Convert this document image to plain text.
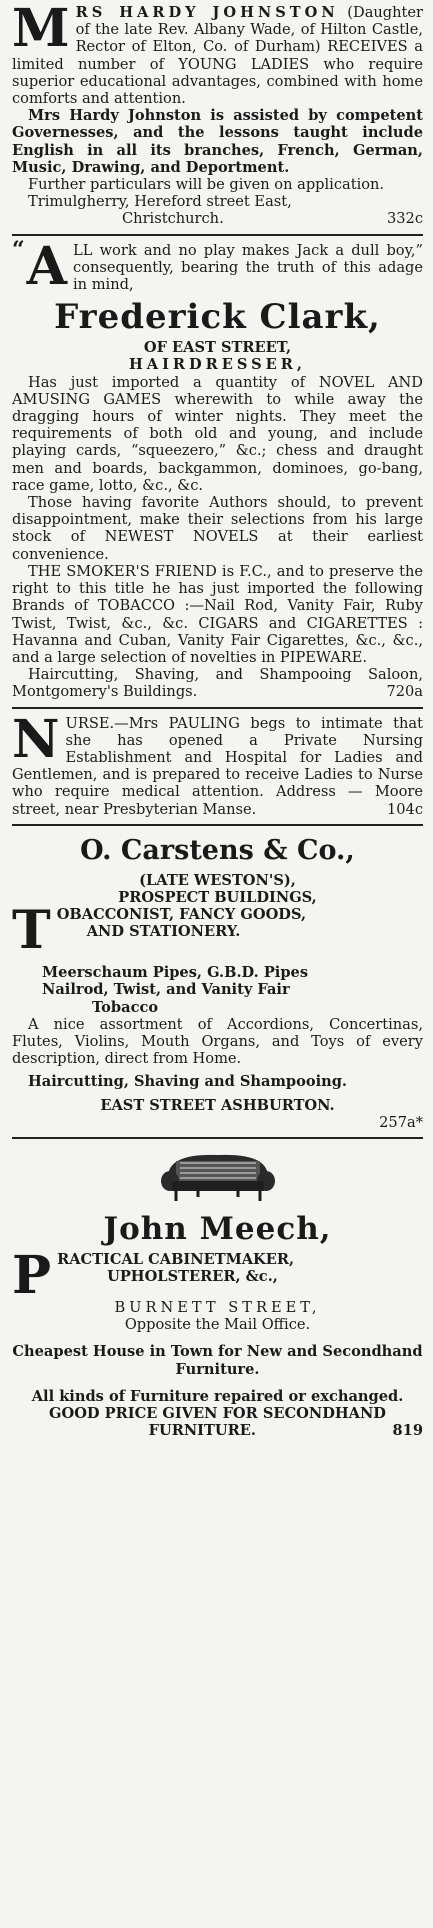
M RS HARDY JOHNSTON (Daughter of the late Rev. Albany Wade, of Hilton Castle, Rector of Elton, Co. of Durham) RECEIVES a limited number of YOUNG LADIES who require superior educational advantages, combined with home comforts and attention.

Mrs Hardy Johnston is assisted by competent Governesses, and the lessons taught include English in all its branches, French, German, Music, Drawing, and Deportment.

Further particulars will be given on application.

Trimulgherry, Hereford street East,

Christchurch.	332c

“ A LL work and no play makes Jack a dull boy,” consequently, bearing the truth of this adage in mind,

Frederick Clark,

OF EAST STREET,

HAIRDRESSER,

Has just imported a quantity of NOVEL AND AMUSING GAMES wherewith to while away the dragging hours of winter nights. They meet the requirements of both old and young, and include playing cards, “squeezero,” &c.; chess and draught men and boards, backgammon, dominoes, go-bang, race game, lotto, &c., &c.

Those having favorite Authors should, to prevent disappointment, make their selections from his large stock of NEWEST NOVELS at their earliest convenience.

THE SMOKER'S FRIEND is F.C., and to preserve the right to this title he has just imported the following Brands of TOBACCO :—Nail Rod, Vanity Fair, Ruby Twist, Twist, &c., &c. CIGARS and CIGARETTES : Havanna and Cuban, Vanity Fair Cigarettes, &c., &c., and a large selection of novelties in PIPEWARE.

Haircutting, Shaving, and Shampooing Saloon, Montgomery's Buildings.	720a

N URSE.—Mrs PAULING begs to intimate that she has opened a Private Nursing Establishment and Hospital for Ladies and Gentlemen, and is prepared to receive Ladies to Nurse who require medical attention. Address — Moore street, near Presbyterian Manse.	104c

O. Carstens & Co.,

(LATE WESTON'S),

PROSPECT BUILDINGS,

T OBACCONIST, FANCY GOODS,
AND STATIONERY.

Meerschaum Pipes, G.B.D. Pipes

Nailrod, Twist, and Vanity Fair

Tobacco

A nice assortment of Accordions, Concertinas, Flutes, Violins, Mouth Organs, and Toys of every description, direct from Home.

Haircutting, Shaving and Shampooing.

EAST STREET ASHBURTON.

257a*

John Meech,

P RACTICAL CABINETMAKER,
UPHOLSTERER, &c.,

BURNETT STREET,

Opposite the Mail Office.

Cheapest House in Town for New and Secondhand Furniture.

All kinds of Furniture repaired or exchanged.

GOOD PRICE GIVEN FOR SECONDHAND FURNITURE.	819
